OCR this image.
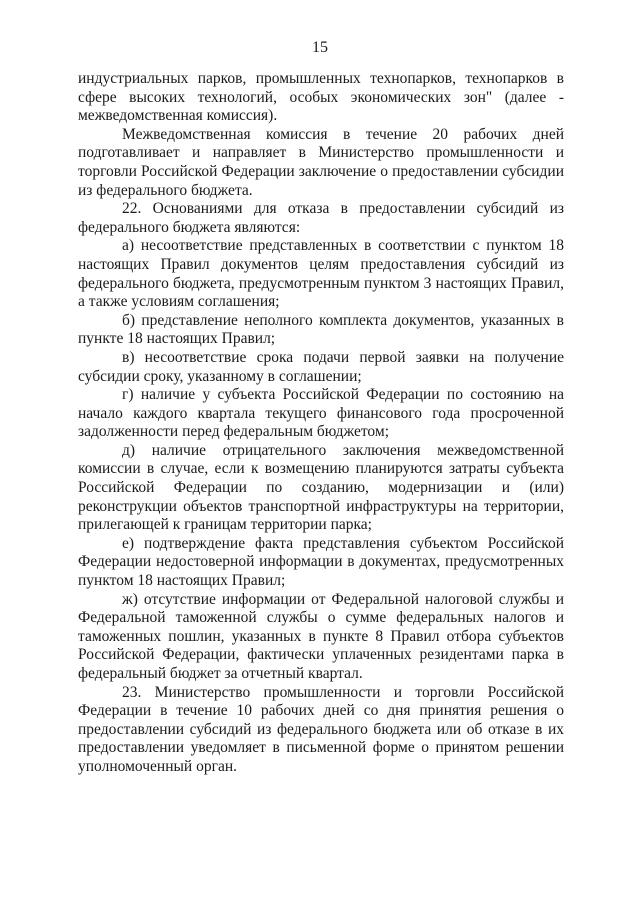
15

индустриальных парков, промышленных технопарков, технопарков в сфере высоких технологий, особых экономических зон" (далее - межведомственная комиссия).

Межведомственная комиссия в течение 20 рабочих дней подготавливает и направляет в Министерство промышленности и торговли Российской Федерации заключение о предоставлении субсидии из федерального бюджета.

22. Основаниями для отказа в предоставлении субсидий из федерального бюджета являются:

а) несоответствие представленных в соответствии с пунктом 18 настоящих Правил документов целям предоставления субсидий из федерального бюджета, предусмотренным пунктом 3 настоящих Правил, а также условиям соглашения;

б) представление неполного комплекта документов, указанных в пункте 18 настоящих Правил;

в) несоответствие срока подачи первой заявки на получение субсидии сроку, указанному в соглашении;

г) наличие у субъекта Российской Федерации по состоянию на начало каждого квартала текущего финансового года просроченной задолженности перед федеральным бюджетом;

д) наличие отрицательного заключения межведомственной комиссии в случае, если к возмещению планируются затраты субъекта Российской Федерации по созданию, модернизации и (или) реконструкции объектов транспортной инфраструктуры на территории, прилегающей к границам территории парка;

е) подтверждение факта представления субъектом Российской Федерации недостоверной информации в документах, предусмотренных пунктом 18 настоящих Правил;

ж) отсутствие информации от Федеральной налоговой службы и Федеральной таможенной службы о сумме федеральных налогов и таможенных пошлин, указанных в пункте 8 Правил отбора субъектов Российской Федерации, фактически уплаченных резидентами парка в федеральный бюджет за отчетный квартал.

23. Министерство промышленности и торговли Российской Федерации в течение 10 рабочих дней со дня принятия решения о предоставлении субсидий из федерального бюджета или об отказе в их предоставлении уведомляет в письменной форме о принятом решении уполномоченный орган.
